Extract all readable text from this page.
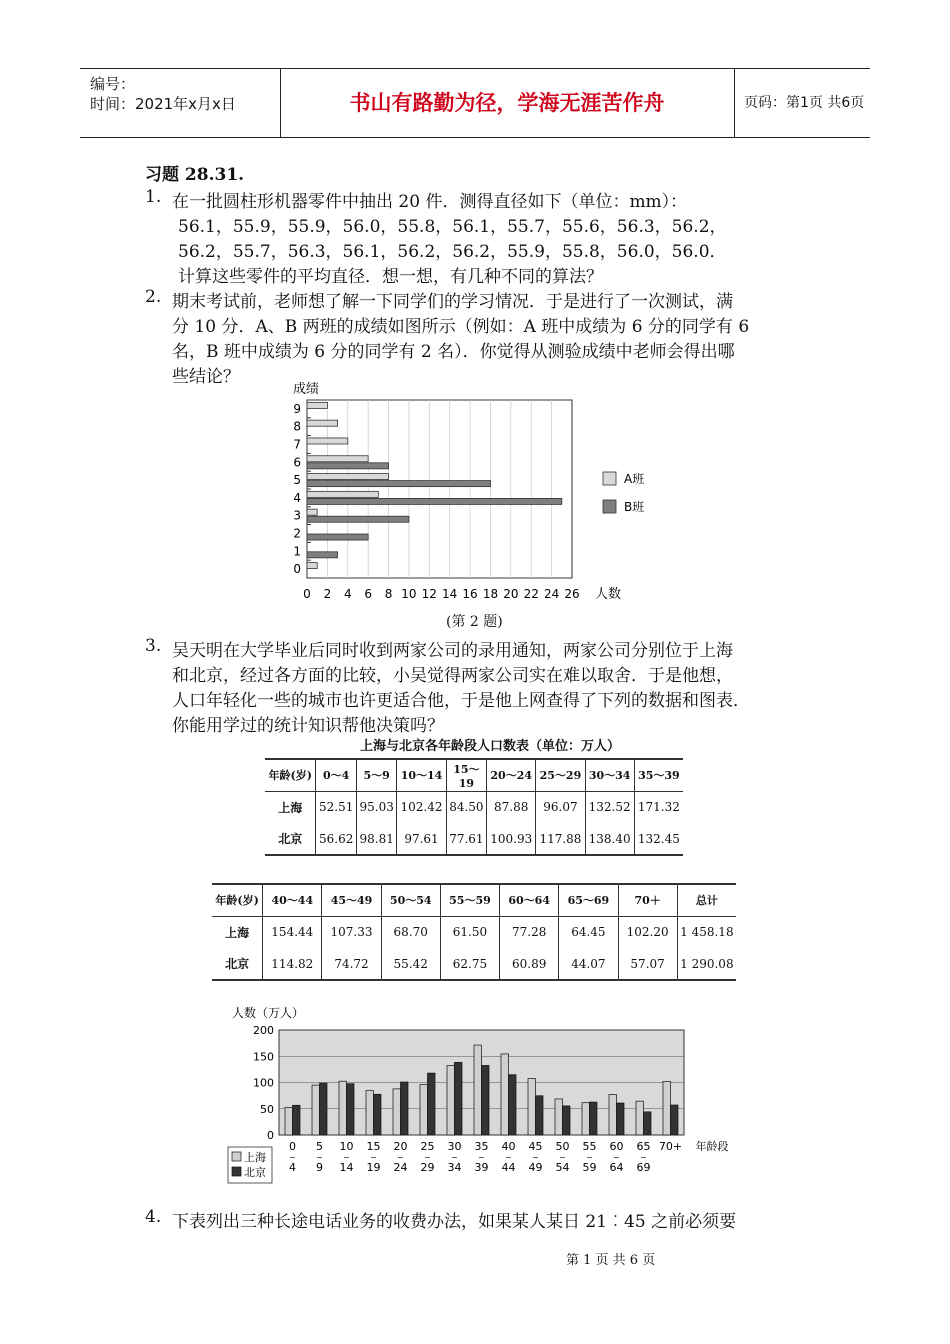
编号：
时间：2021年x月x日	书山有路勤为径，学海无涯苦作舟	页码：第1页 共6页
习题 28.31.
1. 在一批圆柱形机器零件中抽出 20 件．测得直径如下（单位：mm）：
56.1，55.9，55.9，56.0，55.8，56.1，55.7，55.6，56.3，56.2，
56.2，55.7，56.3，56.1，56.2，56.2，55.9，55.8，56.0，56.0．
计算这些零件的平均直径．想一想，有几种不同的算法？
2. 期末考试前，老师想了解一下同学们的学习情况．于是进行了一次测试，满
分 10 分．A、B 两班的成绩如图所示（例如：A 班中成绩为 6 分的同学有 6
名，B 班中成绩为 6 分的同学有 2 名）．你觉得从测验成绩中老师会得出哪
些结论？
成绩
0
1
2
3
4
5
6
7
8
9
0 2 4 6 8 10 12 14 16 18 20 22 24 26 人数
A班
B班
(第 2 题)
3. 吴天明在大学毕业后同时收到两家公司的录用通知，两家公司分别位于上海
和北京，经过各方面的比较，小吴觉得两家公司实在难以取舍．于是他想，
人口年轻化一些的城市也许更适合他，于是他上网查得了下列的数据和图表．
你能用学过的统计知识帮他决策吗？
上海与北京各年龄段人口数表（单位：万人）
年龄(岁)	0～4	5～9	10～14	15～19	20～24	25～29	30～34	35～39
上海	52.51	95.03	102.42	84.50	87.88	96.07	132.52	171.32
北京	56.62	98.81	97.61	77.61	100.93	117.88	138.40	132.45
年龄(岁)	40～44	45～49	50～54	55～59	60～64	65～69	70＋	总计
上海	154.44	107.33	68.70	61.50	77.28	64.45	102.20	1 458.18
北京	114.82	74.72	55.42	62.75	60.89	44.07	57.07	1 290.08
人数（万人）
0
50
100
150
200
0
~
4
5
~
9
10
~
14
15
~
19
20
~
24
25
~
29
30
~
34
35
~
39
40
~
44
45
~
49
50
~
54
55
~
59
60
~
64
65
~
69
70+ 年龄段
上海
北京
4. 下表列出三种长途电话业务的收费办法，如果某人某日 21︰45 之前必须要
第 1 页 共 6 页
